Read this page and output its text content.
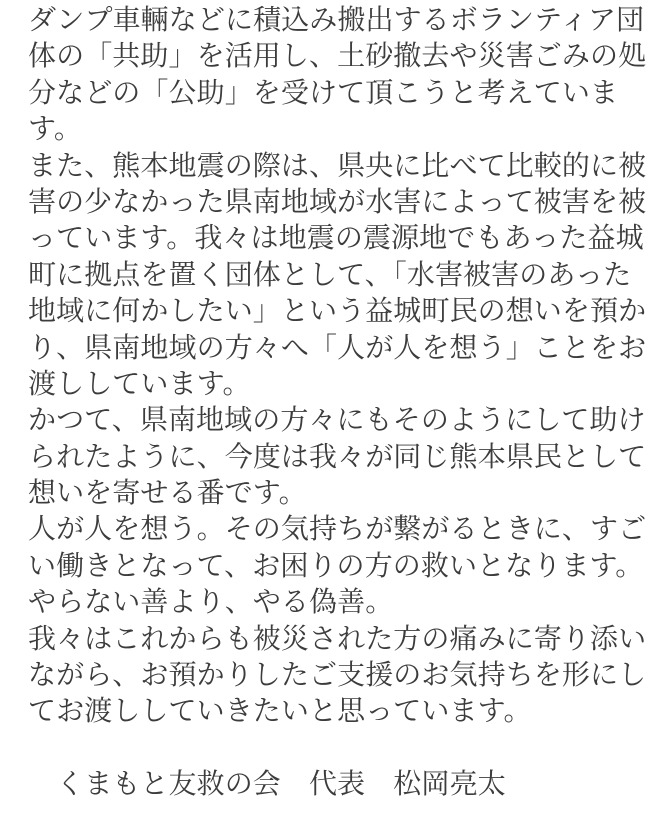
ダンプ車輛などに積込み搬出するボランティア団
体の「共助」を活用し、土砂撤去や災害ごみの処
分などの「公助」を受けて頂こうと考えていま
す。
また、熊本地震の際は、県央に比べて比較的に被
害の少なかった県南地域が水害によって被害を被
っています。我々は地震の震源地でもあった益城
町に拠点を置く団体として、「水害被害のあった
地域に何かしたい」という益城町民の想いを預か
り、県南地域の方々へ「人が人を想う」ことをお
渡ししています。
かつて、県南地域の方々にもそのようにして助け
られたように、今度は我々が同じ熊本県民として
想いを寄せる番です。
人が人を想う。その気持ちが繋がるときに、すご
い働きとなって、お困りの方の救いとなります。
やらない善より、やる偽善。
我々はこれからも被災された方の痛みに寄り添い
ながら、お預かりしたご支援のお気持ちを形にし
てお渡ししていきたいと思っています。
　くまもと友救の会　代表　松岡亮太
